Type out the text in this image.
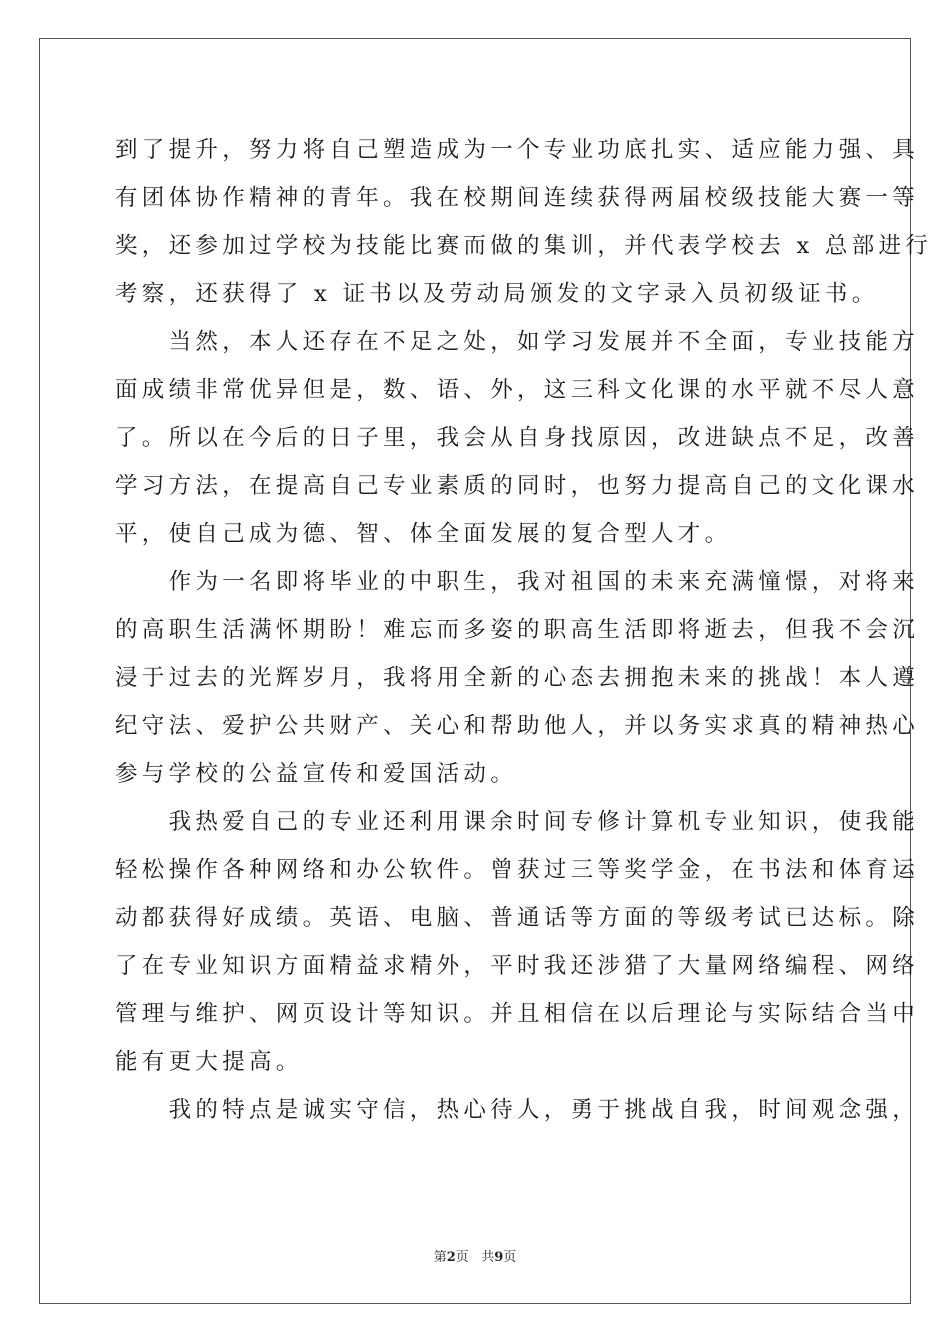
到了提升，努力将自己塑造成为一个专业功底扎实、适应能力强、具
有团体协作精神的青年。我在校期间连续获得两届校级技能大赛一等
奖，还参加过学校为技能比赛而做的集训，并代表学校去 x 总部进行
考察，还获得了 x 证书以及劳动局颁发的文字录入员初级证书。
　　当然，本人还存在不足之处，如学习发展并不全面，专业技能方
面成绩非常优异但是，数、语、外，这三科文化课的水平就不尽人意
了。所以在今后的日子里，我会从自身找原因，改进缺点不足，改善
学习方法，在提高自己专业素质的同时，也努力提高自己的文化课水
平，使自己成为德、智、体全面发展的复合型人才。
　　作为一名即将毕业的中职生，我对祖国的未来充满憧憬，对将来
的高职生活满怀期盼！难忘而多姿的职高生活即将逝去，但我不会沉
浸于过去的光辉岁月，我将用全新的心态去拥抱未来的挑战！本人遵
纪守法、爱护公共财产、关心和帮助他人，并以务实求真的精神热心
参与学校的公益宣传和爱国活动。
　　我热爱自己的专业还利用课余时间专修计算机专业知识，使我能
轻松操作各种网络和办公软件。曾获过三等奖学金，在书法和体育运
动都获得好成绩。英语、电脑、普通话等方面的等级考试已达标。除
了在专业知识方面精益求精外，平时我还涉猎了大量网络编程、网络
管理与维护、网页设计等知识。并且相信在以后理论与实际结合当中
能有更大提高。
　　我的特点是诚实守信，热心待人，勇于挑战自我，时间观念强，
第2页 共9页
